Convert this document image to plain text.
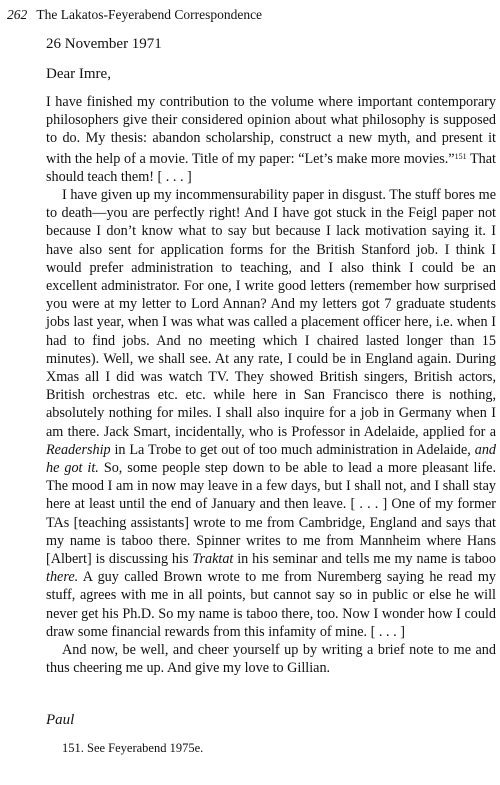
262 The Lakatos-Feyerabend Correspondence
26 November 1971
Dear Imre,

I have finished my contribution to the volume where important contemporary philosophers give their considered opinion about what philosophy is supposed to do. My thesis: abandon scholarship, construct a new myth, and present it with the help of a movie. Title of my paper: “Let’s make more movies.”$^{151}$ That should teach them! [ . . . ]

I have given up my incommensurability paper in disgust. The stuff bores me to death—you are perfectly right! And I have got stuck in the Feigl paper not because I don’t know what to say but because I lack motivation saying it. I have also sent for application forms for the British Stanford job. I think I would prefer administration to teaching, and I also think I could be an excellent administrator. For one, I write good letters (remember how surprised you were at my letter to Lord Annan? And my letters got 7 graduate students jobs last year, when I was what was called a placement officer here, i.e. when I had to find jobs. And no meeting which I chaired lasted longer than 15 minutes). Well, we shall see. At any rate, I could be in England again. During Xmas all I did was watch TV. They showed British singers, British actors, British orchestras etc. etc. while here in San Francisco there is nothing, absolutely nothing for miles. I shall also inquire for a job in Germany when I am there. Jack Smart, incidentally, who is Professor in Adelaide, applied for a Readership in La Trobe to get out of too much administration in Adelaide, and he got it. So, some people step down to be able to lead a more pleasant life. The mood I am in now may leave in a few days, but I shall not, and I shall stay here at least until the end of January and then leave. [ . . . ] One of my former TAs [teaching assistants] wrote to me from Cambridge, England and says that my name is taboo there. Spinner writes to me from Mannheim where Hans [Albert] is discussing his Traktat in his seminar and tells me my name is taboo there. A guy called Brown wrote to me from Nuremberg saying he read my stuff, agrees with me in all points, but cannot say so in public or else he will never get his Ph.D. So my name is taboo there, too. Now I wonder how I could draw some financial rewards from this infamity of mine. [ . . . ]

And now, be well, and cheer yourself up by writing a brief note to me and thus cheering me up. And give my love to Gillian.

Paul
151. See Feyerabend 1975e.
